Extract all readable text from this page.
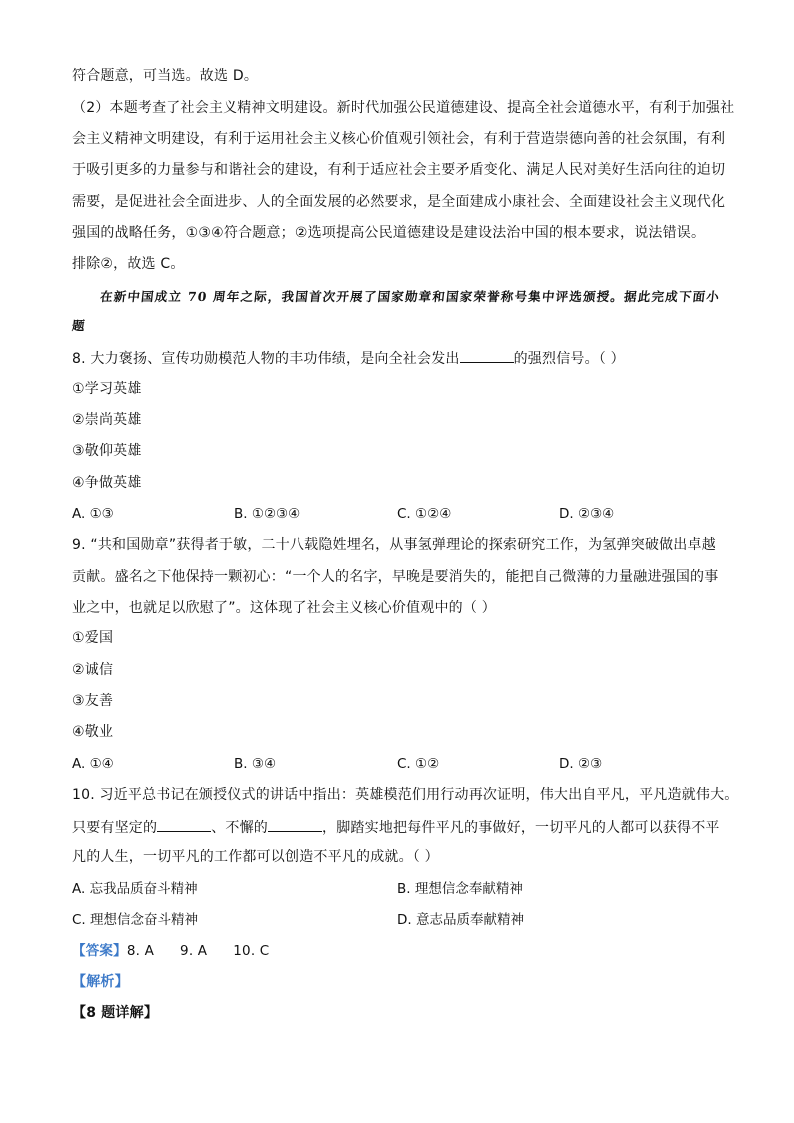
符合题意，可当选。故选 D。
（2）本题考查了社会主义精神文明建设。新时代加强公民道德建设、提高全社会道德水平，有利于加强社
会主义精神文明建设，有利于运用社会主义核心价值观引领社会，有利于营造崇德向善的社会氛围，有利
于吸引更多的力量参与和谐社会的建设，有利于适应社会主要矛盾变化、满足人民对美好生活向往的迫切
需要，是促进社会全面进步、人的全面发展的必然要求，是全面建成小康社会、全面建设社会主义现代化
强国的战略任务，①③④符合题意；②选项提高公民道德建设是建设法治中国的根本要求，说法错误。
排除②，故选 C。
在新中国成立 70 周年之际，我国首次开展了国家勋章和国家荣誉称号集中评选颁授。据此完成下面小
题
8. 大力褒扬、宣传功勋模范人物的丰功伟绩，是向全社会发出	的强烈信号。（ ）
①学习英雄
②崇尚英雄
③敬仰英雄
④争做英雄
A. ①③	B. ①②③④	C. ①②④	D. ②③④
9. “共和国勋章”获得者于敏，二十八载隐姓埋名，从事氢弹理论的探索研究工作，为氢弹突破做出卓越
贡献。盛名之下他保持一颗初心：“一个人的名字，早晚是要消失的，能把自己微薄的力量融进强国的事
业之中，也就足以欣慰了”。这体现了社会主义核心价值观中的（ ）
①爱国
②诚信
③友善
④敬业
A. ①④	B. ③④	C. ①②	D. ②③
10. 习近平总书记在颁授仪式的讲话中指出：英雄模范们用行动再次证明，伟大出自平凡，平凡造就伟大。
只要有坚定的	、不懈的	，脚踏实地把每件平凡的事做好，一切平凡的人都可以获得不平
凡的人生，一切平凡的工作都可以创造不平凡的成就。（ ）
A. 忘我品质奋斗精神	B. 理想信念奉献精神
C. 理想信念奋斗精神	D. 意志品质奉献精神
【答案】8. A 9. A 10. C
【解析】
【8 题详解】
